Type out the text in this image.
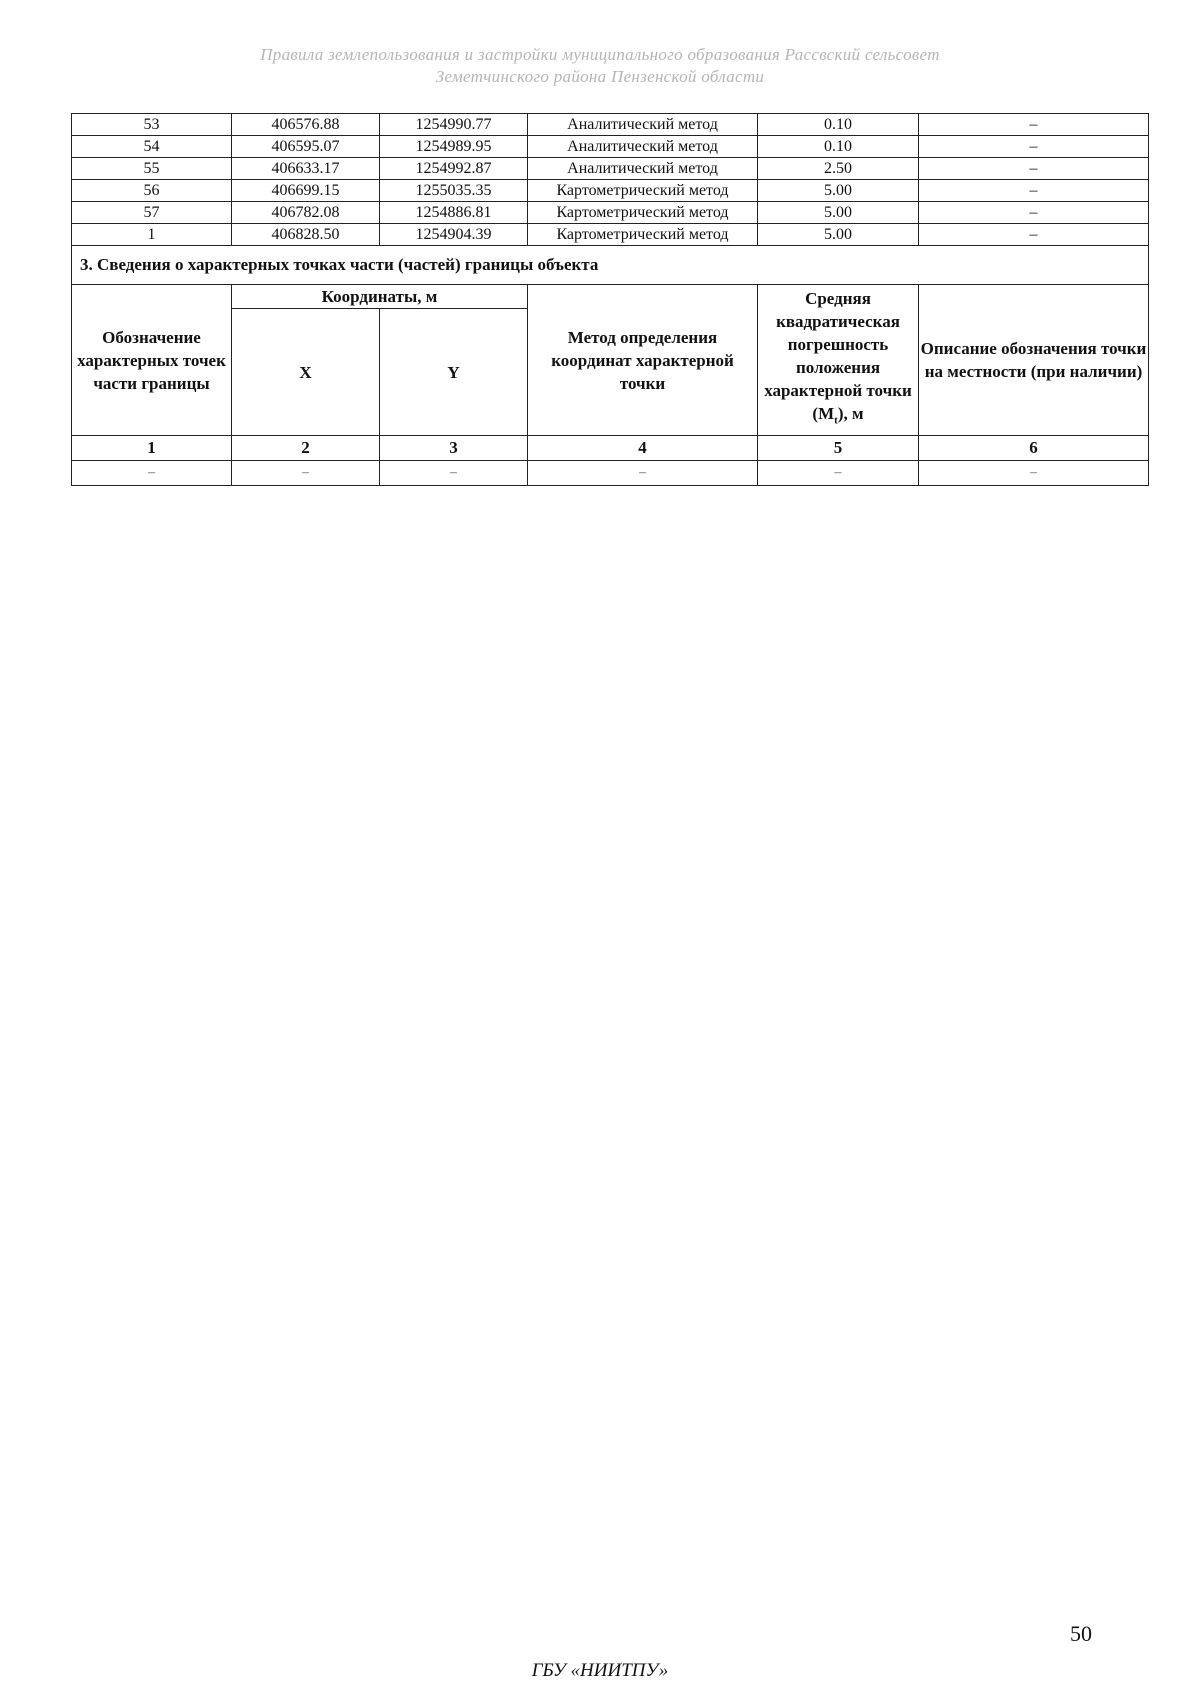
Правила землепользования и застройки муниципального образования Рассвский сельсовет
Земетчинского района Пензенской области
53	406576.88	1254990.77	Аналитический метод	0.10	–
54	406595.07	1254989.95	Аналитический метод	0.10	–
55	406633.17	1254992.87	Аналитический метод	2.50	–
56	406699.15	1255035.35	Картометрический метод	5.00	–
57	406782.08	1254886.81	Картометрический метод	5.00	–
1	406828.50	1254904.39	Картометрический метод	5.00	–
3. Сведения о характерных точках части (частей) границы объекта					
Обозначение характерных точек части границы	Координаты, м		Метод определения координат характерной точки	Средняя квадратическая погрешность положения характерной точки $(М_t)$, м	Описание обозначения точки на местности (при наличии)
	X	Y			
1	2	3	4	5	6
–	–	–	–	–	–
50
ГБУ «НИИТПУ»
